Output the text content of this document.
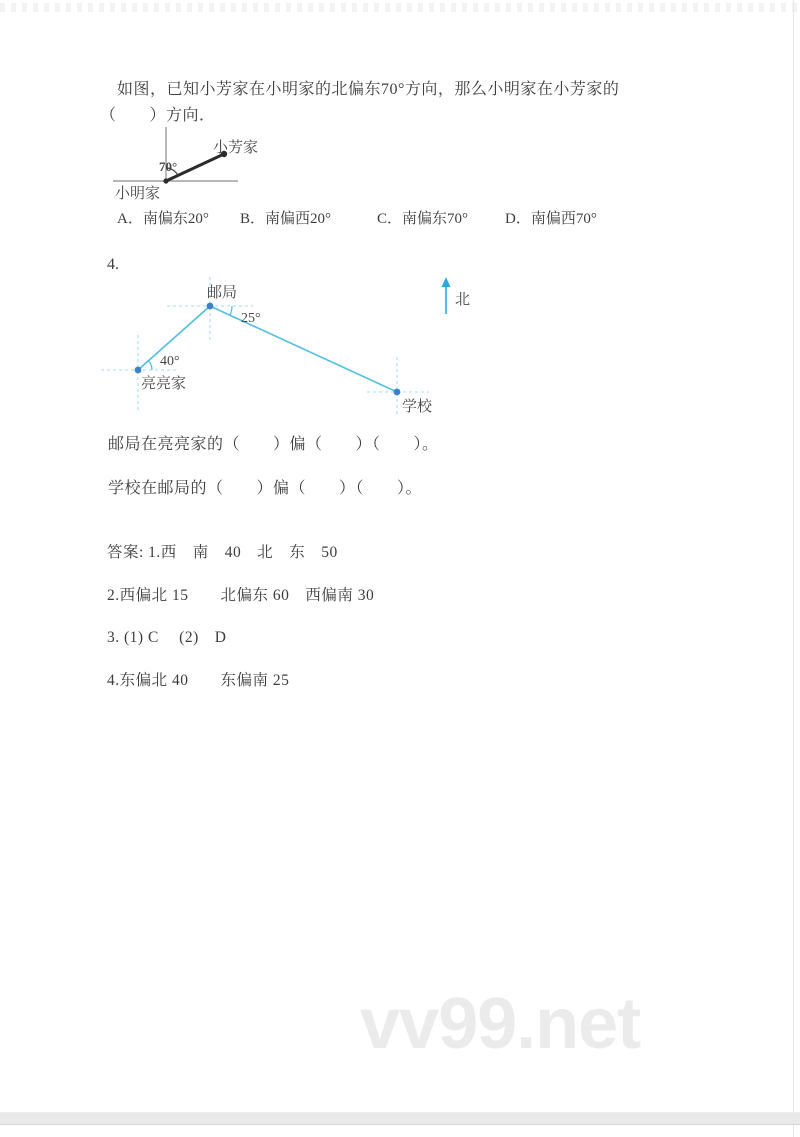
如图，已知小芳家在小明家的北偏东70°方向，那么小明家在小芳家的
（　　）方向．
70°
小芳家
小明家
A．南偏东20° B．南偏西20°	C．南偏东70° D．南偏西70°
4.
邮局
25°
40°
亮亮家
学校
北
邮局在亮亮家的（　　）偏（　　）（　　）。
学校在邮局的（　　）偏（　　）（　　）。
答案: 1.西　南　40　北　东　50
2.西偏北 15　　北偏东 60　西偏南 30
3. (1) C　 (2)　D
4.东偏北 40　　东偏南 25
vv99.net
